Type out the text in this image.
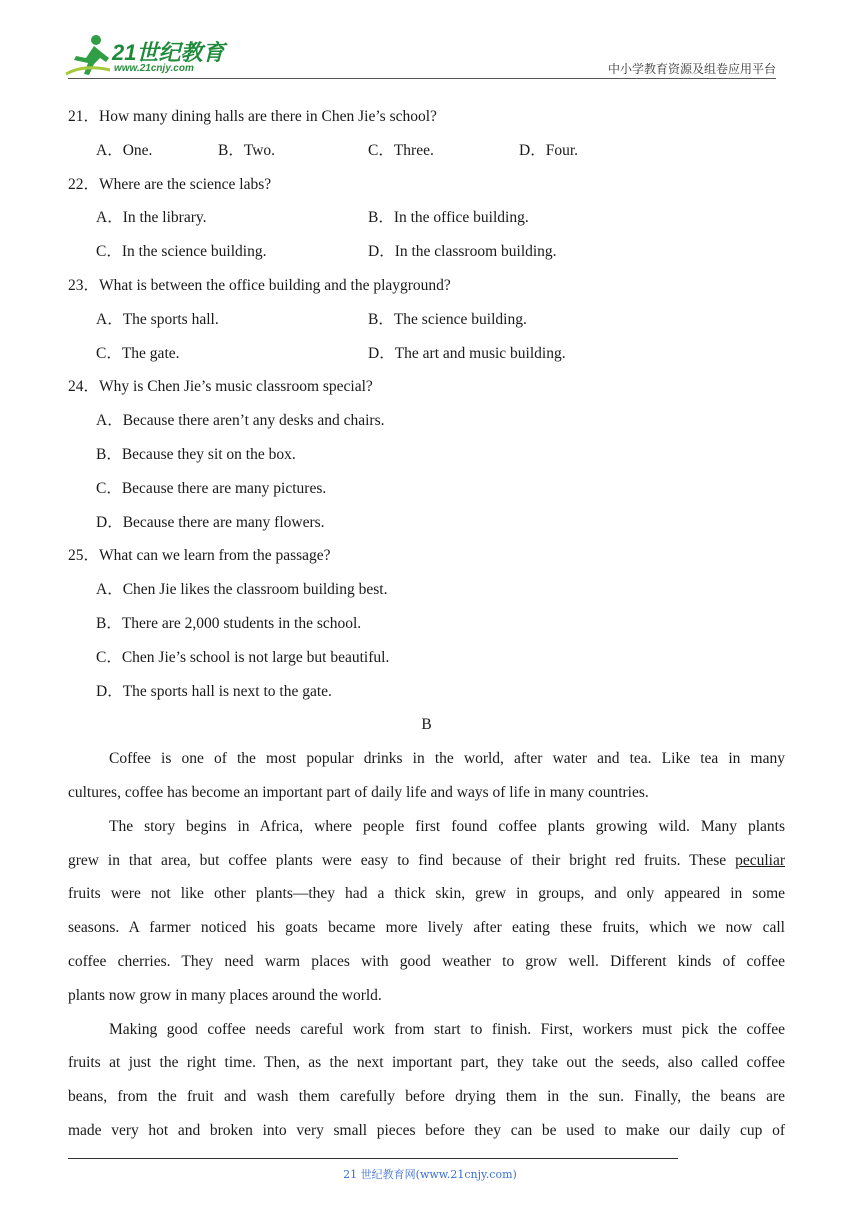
21世纪教育
www.21cnjy.com	中小学教育资源及组卷应用平台
21．How many dining halls are there in Chen Jie’s school?
A．One.	B．Two.	C．Three.	D．Four.
22．Where are the science labs?
A．In the library.	B．In the office building.
C．In the science building.	D．In the classroom building.
23．What is between the office building and the playground?
A．The sports hall.	B．The science building.
C．The gate.	D．The art and music building.
24．Why is Chen Jie’s music classroom special?
A．Because there aren’t any desks and chairs.
B．Because they sit on the box.
C．Because there are many pictures.
D．Because there are many flowers.
25．What can we learn from the passage?
A．Chen Jie likes the classroom building best.
B．There are 2,000 students in the school.
C．Chen Jie’s school is not large but beautiful.
D．The sports hall is next to the gate.
B
Coffee is one of the most popular drinks in the world, after water and tea. Like tea in many
cultures, coffee has become an important part of daily life and ways of life in many countries.
The story begins in Africa, where people first found coffee plants growing wild. Many plants
grew in that area, but coffee plants were easy to find because of their bright red fruits. These peculiar
fruits were not like other plants—they had a thick skin, grew in groups, and only appeared in some
seasons. A farmer noticed his goats became more lively after eating these fruits, which we now call
coffee cherries. They need warm places with good weather to grow well. Different kinds of coffee
plants now grow in many places around the world.
Making good coffee needs careful work from start to finish. First, workers must pick the coffee
fruits at just the right time. Then, as the next important part, they take out the seeds, also called coffee
beans, from the fruit and wash them carefully before drying them in the sun. Finally, the beans are
made very hot and broken into very small pieces before they can be used to make our daily cup of
21 世纪教育网(www.21cnjy.com)
